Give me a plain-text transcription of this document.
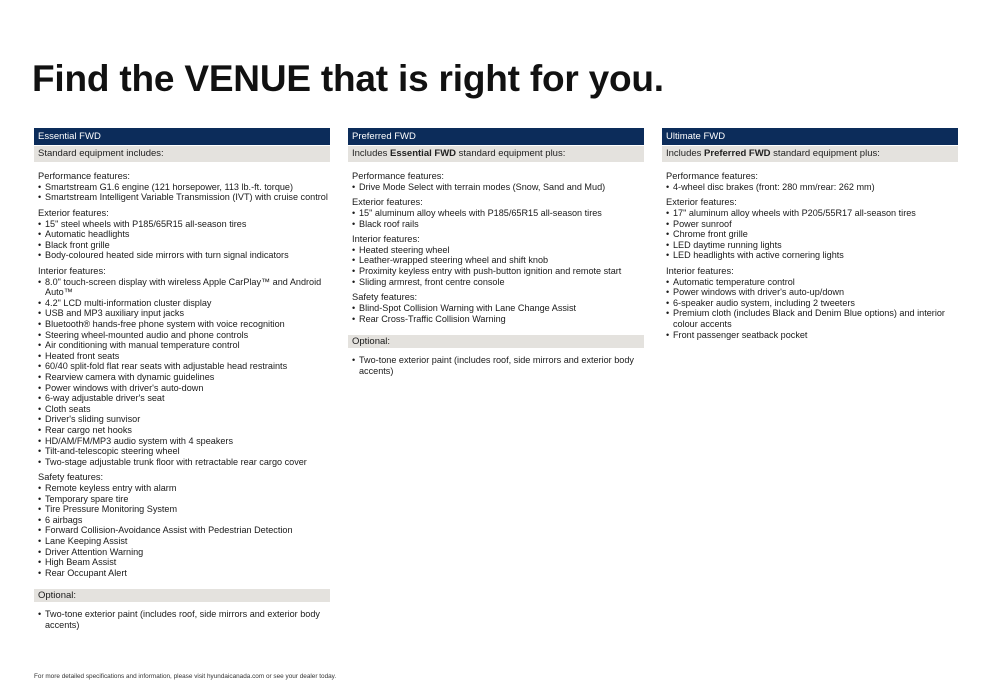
Find the VENUE that is right for you.
Essential FWD
Standard equipment includes:
Performance features:
• Smartstream G1.6 engine (121 horsepower, 113 lb.-ft. torque)
• Smartstream Intelligent Variable Transmission (IVT) with cruise control
Exterior features:
• 15" steel wheels with P185/65R15 all-season tires
• Automatic headlights
• Black front grille
• Body-coloured heated side mirrors with turn signal indicators
Interior features:
• 8.0" touch-screen display with wireless Apple CarPlay™ and Android Auto™
• 4.2" LCD multi-information cluster display
• USB and MP3 auxiliary input jacks
• Bluetooth® hands-free phone system with voice recognition
• Steering wheel-mounted audio and phone controls
• Air conditioning with manual temperature control
• Heated front seats
• 60/40 split-fold flat rear seats with adjustable head restraints
• Rearview camera with dynamic guidelines
• Power windows with driver's auto-down
• 6-way adjustable driver's seat
• Cloth seats
• Driver's sliding sunvisor
• Rear cargo net hooks
• HD/AM/FM/MP3 audio system with 4 speakers
• Tilt-and-telescopic steering wheel
• Two-stage adjustable trunk floor with retractable rear cargo cover
Safety features:
• Remote keyless entry with alarm
• Temporary spare tire
• Tire Pressure Monitoring System
• 6 airbags
• Forward Collision-Avoidance Assist with Pedestrian Detection
• Lane Keeping Assist
• Driver Attention Warning
• High Beam Assist
• Rear Occupant Alert
Optional:
• Two-tone exterior paint (includes roof, side mirrors and exterior body accents)
Preferred FWD
Includes Essential FWD standard equipment plus:
Performance features:
• Drive Mode Select with terrain modes (Snow, Sand and Mud)
Exterior features:
• 15" aluminum alloy wheels with P185/65R15 all-season tires
• Black roof rails
Interior features:
• Heated steering wheel
• Leather-wrapped steering wheel and shift knob
• Proximity keyless entry with push-button ignition and remote start
• Sliding armrest, front centre console
Safety features:
• Blind-Spot Collision Warning with Lane Change Assist
• Rear Cross-Traffic Collision Warning
Optional:
• Two-tone exterior paint (includes roof, side mirrors and exterior body accents)
Ultimate FWD
Includes Preferred FWD standard equipment plus:
Performance features:
• 4-wheel disc brakes (front: 280 mm/rear: 262 mm)
Exterior features:
• 17" aluminum alloy wheels with P205/55R17 all-season tires
• Power sunroof
• Chrome front grille
• LED daytime running lights
• LED headlights with active cornering lights
Interior features:
• Automatic temperature control
• Power windows with driver's auto-up/down
• 6-speaker audio system, including 2 tweeters
• Premium cloth (includes Black and Denim Blue options) and interior colour accents
• Front passenger seatback pocket
For more detailed specifications and information, please visit hyundaicanada.com or see your dealer today.
